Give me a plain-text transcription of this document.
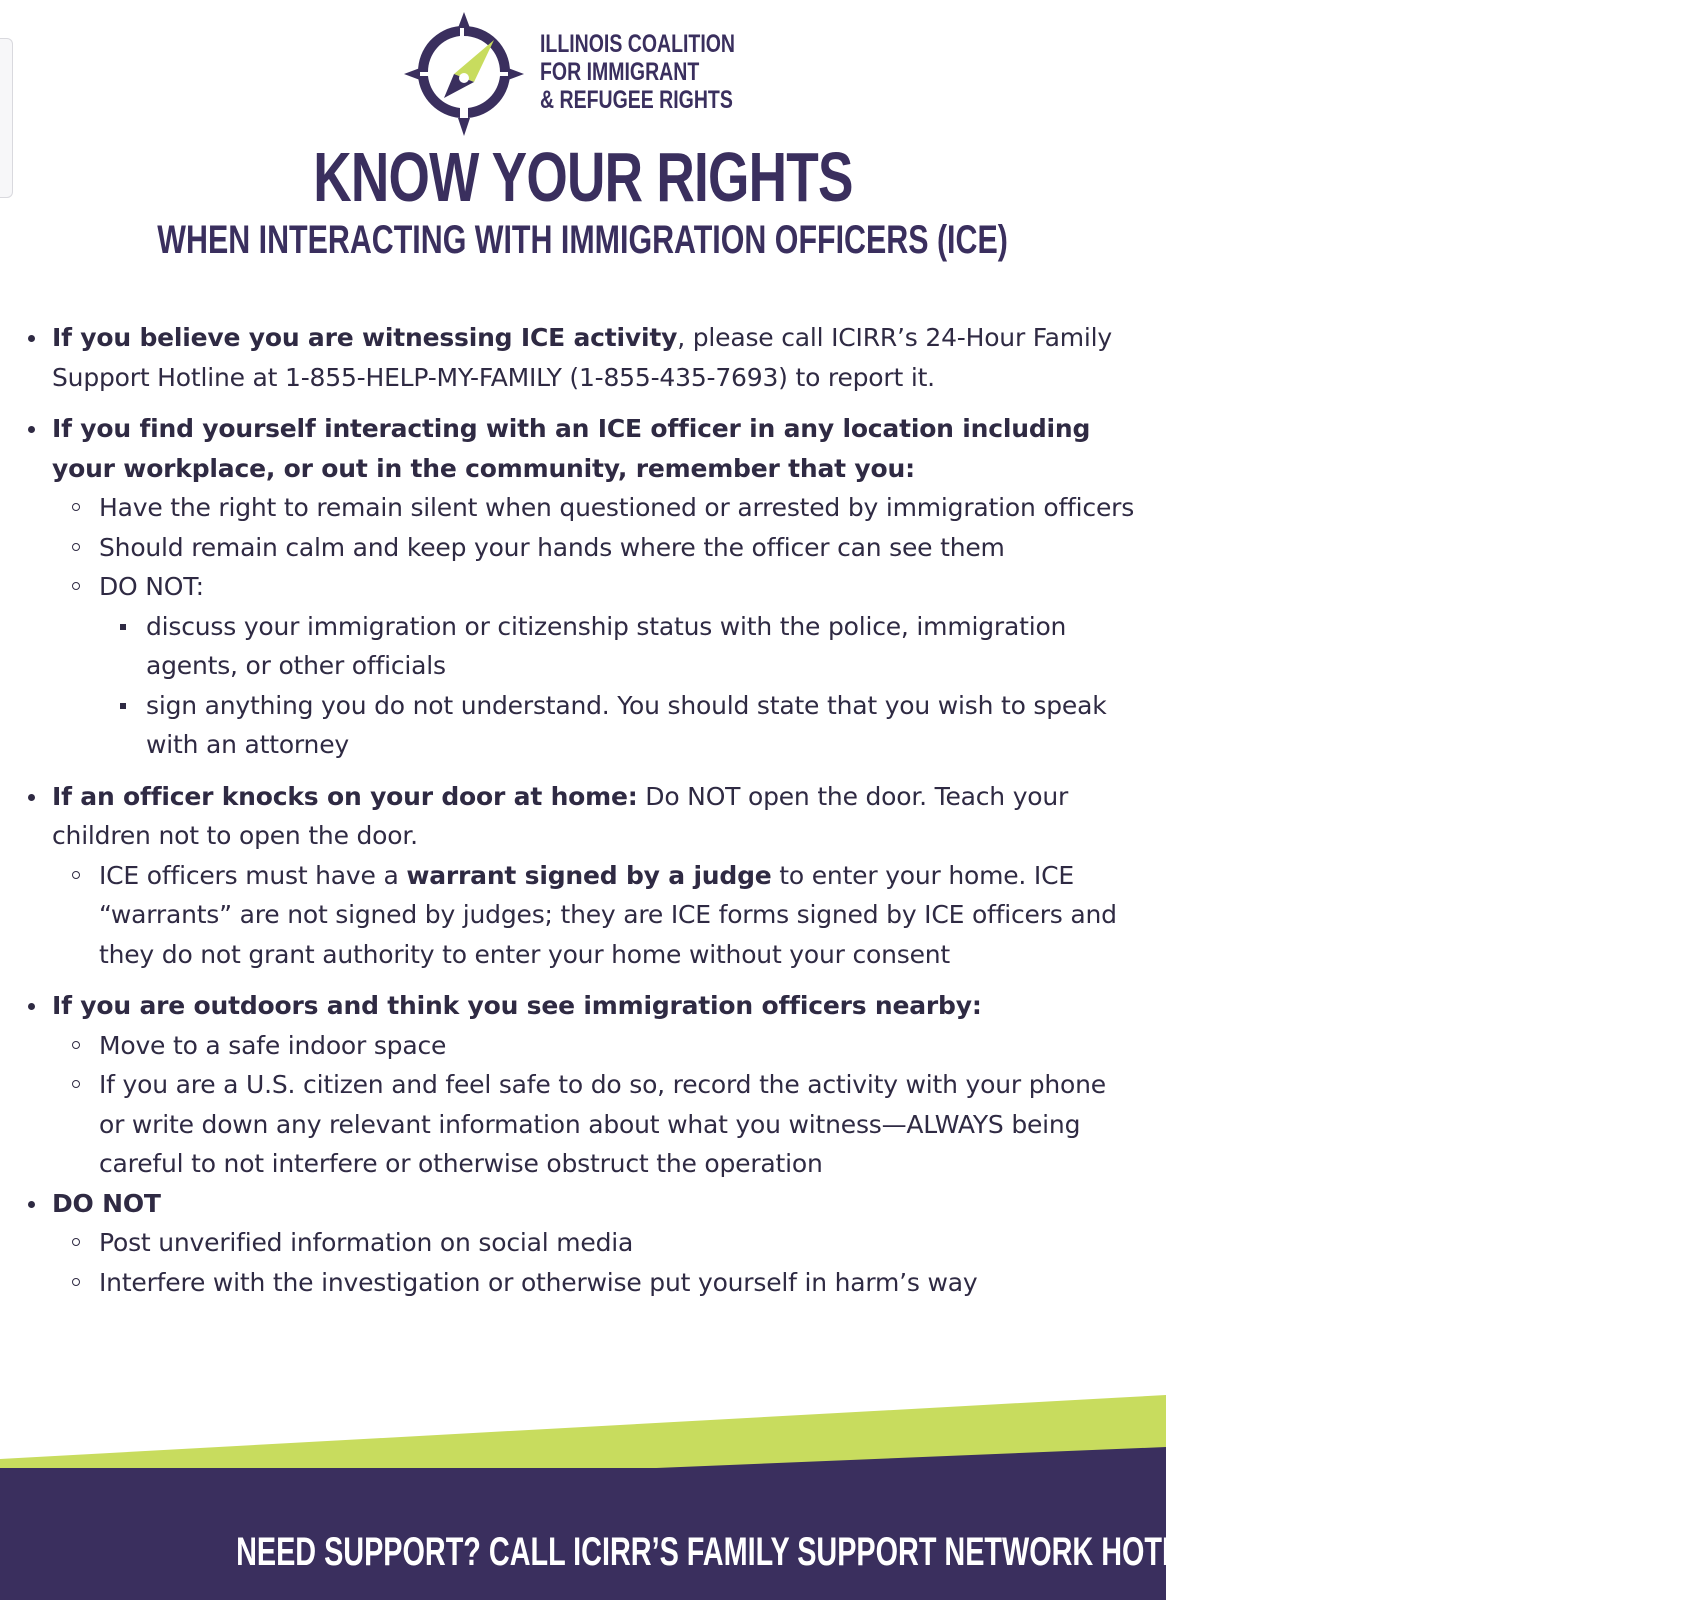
ILLINOIS COALITION
FOR IMMIGRANT
& REFUGEE RIGHTS
KNOW YOUR RIGHTS
WHEN INTERACTING WITH IMMIGRATION OFFICERS (ICE)
If you believe you are witnessing ICE activity, please call ICIRR’s 24-Hour Family Support Hotline at 1-855-HELP-MY-FAMILY (1-855-435-7693) to report it.
If you find yourself interacting with an ICE officer in any location including your workplace, or out in the community, remember that you:
Have the right to remain silent when questioned or arrested by immigration officers
Should remain calm and keep your hands where the officer can see them
DO NOT:
discuss your immigration or citizenship status with the police, immigration agents, or other officials
sign anything you do not understand. You should state that you wish to speak with an attorney
If an officer knocks on your door at home: Do NOT open the door. Teach your children not to open the door.
ICE officers must have a warrant signed by a judge to enter your home. ICE “warrants” are not signed by judges; they are ICE forms signed by ICE officers and they do not grant authority to enter your home without your consent
If you are outdoors and think you see immigration officers nearby:
Move to a safe indoor space
If you are a U.S. citizen and feel safe to do so, record the activity with your phone or write down any relevant information about what you witness—ALWAYS being careful to not interfere or otherwise obstruct the operation
DO NOT
Post unverified information on social media
Interfere with the investigation or otherwise put yourself in harm’s way
NEED SUPPORT? CALL ICIRR’S FAMILY SUPPORT NETWORK HOTLINE: 1-855-435-7693
